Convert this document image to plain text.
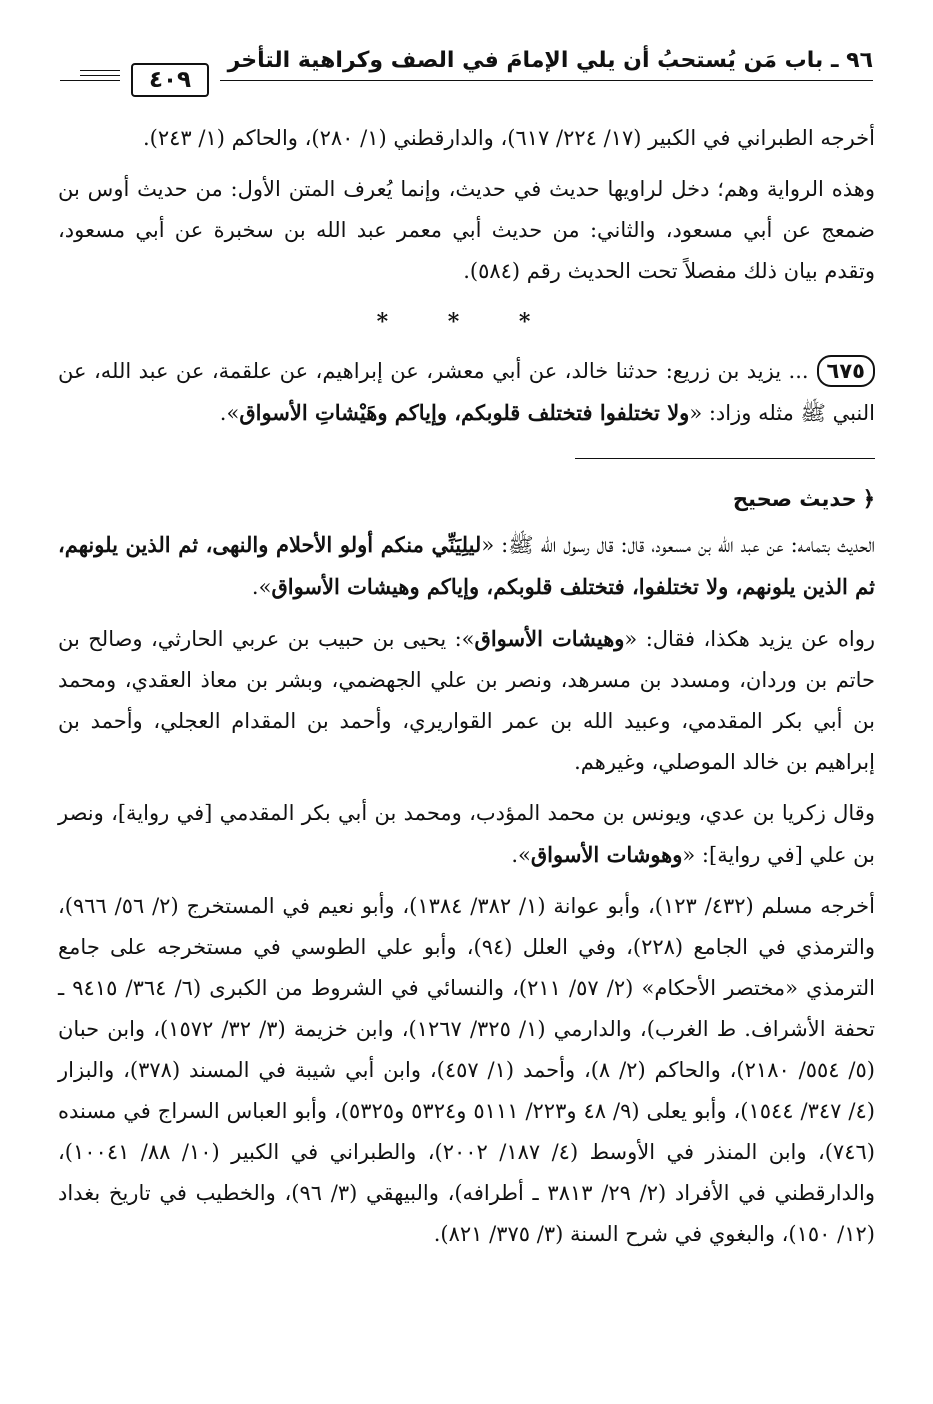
٩٦ ـ باب مَن يُستحبُ أن يلي الإمامَ في الصف وكراهية التأخر
٤٠٩

أخرجه الطبراني في الكبير (١٧/ ٢٢٤/ ٦١٧)، والدارقطني (١/ ٢٨٠)، والحاكم (١/ ٢٤٣).

وهذه الرواية وهم؛ دخل لراويها حديث في حديث، وإنما يُعرف المتن الأول: من حديث أوس بن ضمعج عن أبي مسعود، والثاني: من حديث أبي معمر عبد الله بن سخبرة عن أبي مسعود، وتقدم بيان ذلك مفصلاً تحت الحديث رقم (٥٨٤).

* * *

٦٧٥... يزيد بن زريع: حدثنا خالد، عن أبي معشر، عن إبراهيم، عن علقمة، عن عبد الله، عن النبي ﷺ مثله وزاد: «ولا تختلفوا فتختلف قلوبكم، وإياكم وهَيْشاتِ الأسواق».

﴿حديث صحيح

الحديث بتمامه: عن عبد الله بن مسعود، قال: قال رسول الله ﷺ: «ليلِيَنِّي منكم أولو الأحلام والنهى، ثم الذين يلونهم، ثم الذين يلونهم، ولا تختلفوا، فتختلف قلوبكم، وإياكم وهيشات الأسواق».

رواه عن يزيد هكذا، فقال: «وهيشات الأسواق»: يحيى بن حبيب بن عربي الحارثي، وصالح بن حاتم بن وردان، ومسدد بن مسرهد، ونصر بن علي الجهضمي، وبشر بن معاذ العقدي، ومحمد بن أبي بكر المقدمي، وعبيد الله بن عمر القواريري، وأحمد بن المقدام العجلي، وأحمد بن إبراهيم بن خالد الموصلي، وغيرهم.

وقال زكريا بن عدي، ويونس بن محمد المؤدب، ومحمد بن أبي بكر المقدمي [في رواية]، ونصر بن علي [في رواية]: «وهوشات الأسواق».

أخرجه مسلم (٤٣٢/ ١٢٣)، وأبو عوانة (١/ ٣٨٢/ ١٣٨٤)، وأبو نعيم في المستخرج (٢/ ٥٦/ ٩٦٦)، والترمذي في الجامع (٢٢٨)، وفي العلل (٩٤)، وأبو علي الطوسي في مستخرجه على جامع الترمذي «مختصر الأحكام» (٢/ ٥٧/ ٢١١)، والنسائي في الشروط من الكبرى (٦/ ٣٦٤/ ٩٤١٥ ـ تحفة الأشراف. ط الغرب)، والدارمي (١/ ٣٢٥/ ١٢٦٧)، وابن خزيمة (٣/ ٣٢/ ١٥٧٢)، وابن حبان (٥/ ٥٥٤/ ٢١٨٠)، والحاكم (٢/ ٨)، وأحمد (١/ ٤٥٧)، وابن أبي شيبة في المسند (٣٧٨)، والبزار (٤/ ٣٤٧/ ١٥٤٤)، وأبو يعلى (٩/ ٤٨ و٢٢٣/ ٥١١١ و٥٣٢٤ و٥٣٢٥)، وأبو العباس السراج في مسنده (٧٤٦)، وابن المنذر في الأوسط (٤/ ١٨٧/ ٢٠٠٢)، والطبراني في الكبير (١٠/ ٨٨/ ١٠٠٤١)، والدارقطني في الأفراد (٢/ ٢٩/ ٣٨١٣ ـ أطرافه)، والبيهقي (٣/ ٩٦)، والخطيب في تاريخ بغداد (١٢/ ١٥٠)، والبغوي في شرح السنة (٣/ ٣٧٥/ ٨٢١).
